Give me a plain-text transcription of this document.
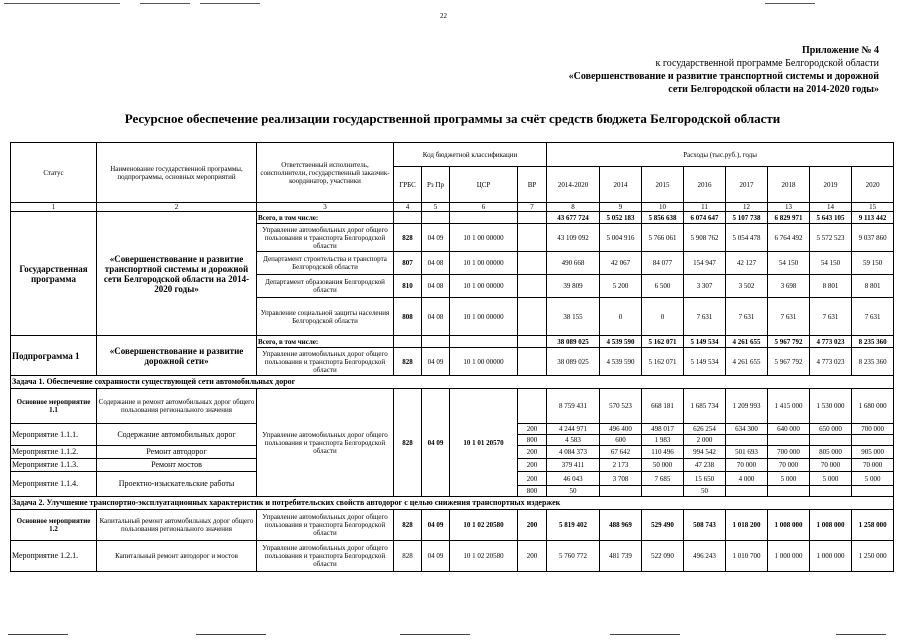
22
Приложение № 4
к государственной программе Белгородской области
«Совершенствование и развитие транспортной системы и дорожной
сети Белгородской области на 2014-2020 годы»
Ресурсное обеспечение реализации государственной программы за счёт средств бюджета Белгородской области
Статус	Наименование государственной программы, подпрограммы, основных мероприятий	Ответственный исполнитель, соисполнители, государственный заказчик-координатор, участники	Код бюджетной классификации				Расходы (тыс.руб.), годы							
			ГРБС	Рз Пр	ЦСР	ВР	2014-2020	2014	2015	2016	2017	2018	2019	2020
1	2	3	4	5	6	7	8	9	10	11	12	13	14	15
Государственная программа	«Совершенствование и развитие транспортной системы и дорожной сети Белгородской области на 2014-2020 годы»	Всего, в том числе:					43 677 724	5 052 183	5 856 638	6 074 647	5 107 738	6 829 971	5 643 105	9 113 442
		Управление автомобильных дорог общего пользования и транспорта Белгородской области	828	04 09	10 1 00 00000		43 109 092	5 004 916	5 766 061	5 908 762	5 054 478	6 764 492	5 572 523	9 037 860
		Департамент строительства и транспорта Белгородской области	807	04 08	10 1 00 00000		490 668	42 067	84 077	154 947	42 127	54 150	54 150	59 150
		Департамент образования Белгородской области	810	04 08	10 1 00 00000		39 809	5 200	6 500	3 307	3 502	3 698	8 801	8 801
		Управление социальной защиты населения Белгородской области	808	04 08	10 1 00 00000		38 155	0	0	7 631	7 631	7 631	7 631	7 631
Подпрограмма 1	«Совершенствование и развитие дорожной сети»	Всего, в том числе:					38 089 025	4 539 590	5 162 071	5 149 534	4 261 655	5 967 792	4 773 023	8 235 360
		Управление автомобильных дорог общего пользования и транспорта Белгородской области	828	04 09	10 1 00 00000		38 089 025	4 539 590	5 162 071	5 149 534	4 261 655	5 967 792	4 773 023	8 235 360
Задача 1. Обеспечение сохранности существующей сети автомобильных дорог														
Основное мероприятие 1.1	Содержание и ремонт автомобильных дорог общего пользования регионального значения	Управление автомобильных дорог общего пользования и транспорта Белгородской области	828	04 09	10 1 01 20570		8 759 431	570 523	668 181	1 685 734	1 209 993	1 415 000	1 530 000	1 680 000
Мероприятие 1.1.1.	Содержание автомобильных дорог					200	4 244 971	496 400	498 017	626 254	634 300	640 000	650 000	700 000
						800	4 583	600	1 983	2 000				
Мероприятие 1.1.2.	Ремонт автодорог					200	4 084 373	67 642	110 496	994 542	501 693	700 000	805 000	905 000
Мероприятие 1.1.3.	Ремонт мостов					200	379 411	2 173	50 000	47 238	70 000	70 000	70 000	70 000
Мероприятие 1.1.4.	Проектно-изыскательские работы					200	46 043	3 708	7 685	15 650	4 000	5 000	5 000	5 000
						800	50			50				
Задача 2. Улучшение транспортно-эксплуатационных характеристик и потребительских свойств автодорог с целью снижения транспортных издержек														
Основное мероприятие 1.2	Капитальный ремонт автомобильных дорог общего пользования регионального значения	Управление автомобильных дорог общего пользования и транспорта Белгородской области	828	04 09	10 1 02 20580	200	5 819 402	488 969	529 490	508 743	1 018 200	1 008 000	1 008 000	1 258 000
Мероприятие 1.2.1.	Капитальный ремонт автодорог и мостов	Управление автомобильных дорог общего пользования и транспорта Белгородской области	828	04 09	10 1 02 20580	200	5 760 772	481 739	522 090	496 243	1 010 700	1 000 000	1 000 000	1 250 000
